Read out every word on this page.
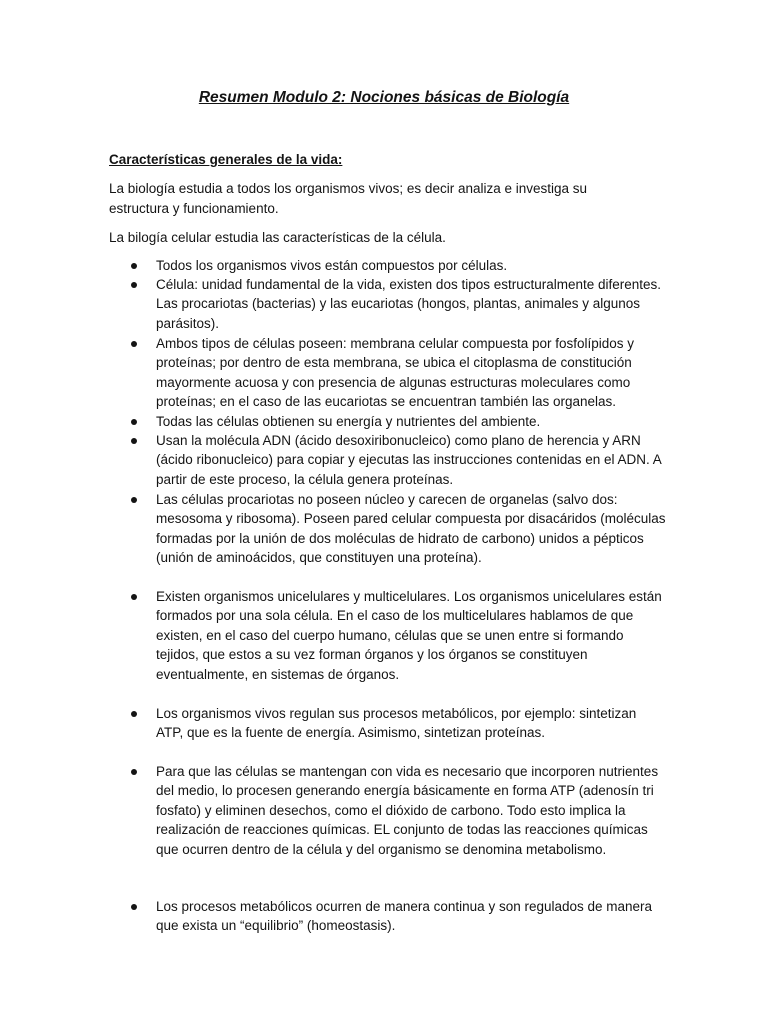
Resumen Modulo 2: Nociones básicas de Biología
Características generales de la vida:
La biología estudia a todos los organismos vivos; es decir analiza e investiga su estructura y funcionamiento.
La bilogía celular estudia las características de la célula.
Todos los organismos vivos están compuestos por células.
Célula: unidad fundamental de la vida, existen dos tipos estructuralmente diferentes. Las procariotas (bacterias) y las eucariotas (hongos, plantas, animales y algunos parásitos).
Ambos tipos de células poseen: membrana celular compuesta por fosfolípidos y proteínas; por dentro de esta membrana, se ubica el citoplasma de constitución mayormente acuosa y con presencia de algunas estructuras moleculares como proteínas; en el caso de las eucariotas se encuentran también las organelas.
Todas las células obtienen su energía y nutrientes del ambiente.
Usan la molécula ADN (ácido desoxiribonucleico) como plano de herencia y ARN (ácido ribonucleico) para copiar y ejecutas las instrucciones contenidas en el ADN. A partir de este proceso, la célula genera proteínas.
Las células procariotas no poseen núcleo y carecen de organelas (salvo dos: mesosoma y ribosoma). Poseen pared celular compuesta por disacáridos (moléculas formadas por la unión de dos moléculas de hidrato de carbono) unidos a pépticos (unión de aminoácidos, que constituyen una proteína).
Existen organismos unicelulares y multicelulares. Los organismos unicelulares están formados por una sola célula. En el caso de los multicelulares hablamos de que existen, en el caso del cuerpo humano, células que se unen entre si formando tejidos, que estos a su vez forman órganos y los órganos se constituyen eventualmente, en sistemas de órganos.
Los organismos vivos regulan sus procesos metabólicos, por ejemplo: sintetizan ATP, que es la fuente de energía. Asimismo, sintetizan proteínas.
Para que las células se mantengan con vida es necesario que incorporen nutrientes del medio, lo procesen generando energía básicamente en forma ATP (adenosín tri fosfato) y eliminen desechos, como el dióxido de carbono. Todo esto implica la realización de reacciones químicas. EL conjunto de todas las reacciones químicas que ocurren dentro de la célula y del organismo se denomina metabolismo.
Los procesos metabólicos ocurren de manera continua y son regulados de manera que exista un “equilibrio” (homeostasis).
